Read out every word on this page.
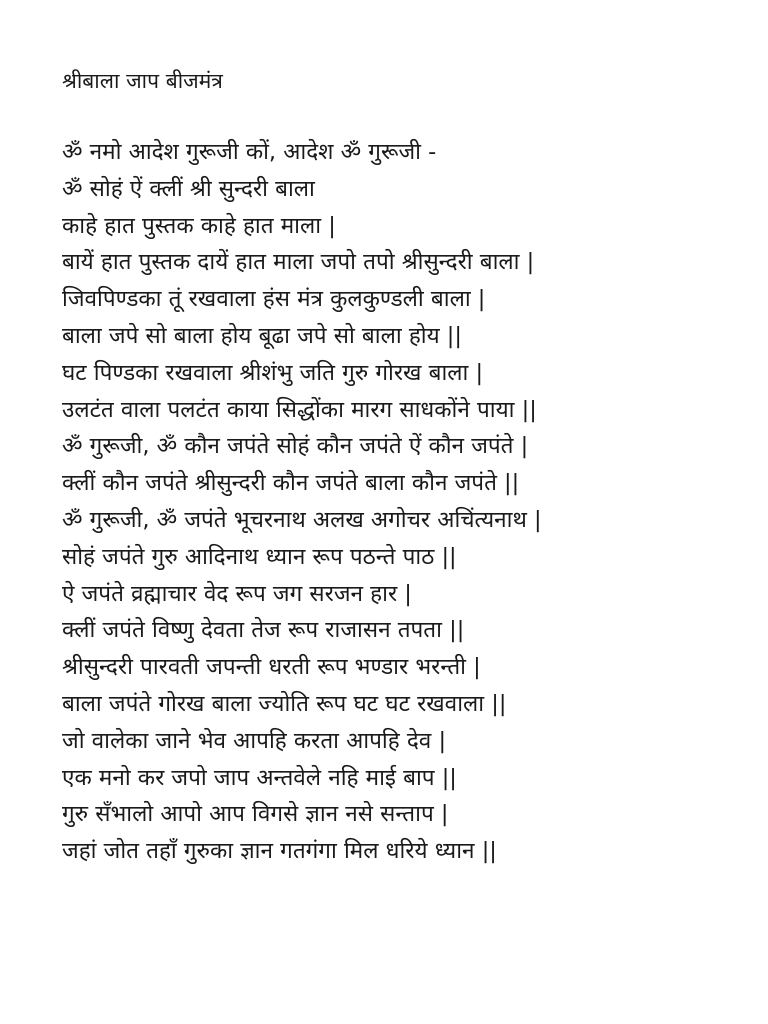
श्रीबाला जाप बीजमंत्र
ॐ नमो आदेश गुरूजी कों, आदेश ॐ गुरूजी -
ॐ सोहं ऐं क्लीं श्री सुन्दरी बाला
काहे हात पुस्तक काहे हात माला |
बायें हात पुस्तक दायें हात माला जपो तपो श्रीसुन्दरी बाला |
जिवपिण्डका तूं रखवाला हंस मंत्र कुलकुण्डली बाला |
बाला जपे सो बाला होय बूढा जपे सो बाला होय ||
घट पिण्डका रखवाला श्रीशंभु जति गुरु गोरख बाला |
उलटंत वाला पलटंत काया सिद्धोंका मारग साधकोंने पाया ||
ॐ गुरूजी, ॐ कौन जपंते सोहं कौन जपंते ऐं कौन जपंते |
क्लीं कौन जपंते श्रीसुन्दरी कौन जपंते बाला कौन जपंते ||
ॐ गुरूजी, ॐ जपंते भूचरनाथ अलख अगोचर अचिंत्यनाथ |
सोहं जपंते गुरु आदिनाथ ध्यान रूप पठन्ते पाठ ||
ऐ जपंते व्रह्माचार वेद रूप जग सरजन हार |
क्लीं जपंते विष्णु देवता तेज रूप राजासन तपता ||
श्रीसुन्दरी पारवती जपन्ती धरती रूप भण्डार भरन्ती |
बाला जपंते गोरख बाला ज्योति रूप घट घट रखवाला ||
जो वालेका जाने भेव आपहि करता आपहि देव |
एक मनो कर जपो जाप अन्तवेले नहि माई बाप ||
गुरु सँभालो आपो आप विगसे ज्ञान नसे सन्ताप |
जहां जोत तहाँ गुरुका ज्ञान गतगंगा मिल धरिये ध्यान ||
